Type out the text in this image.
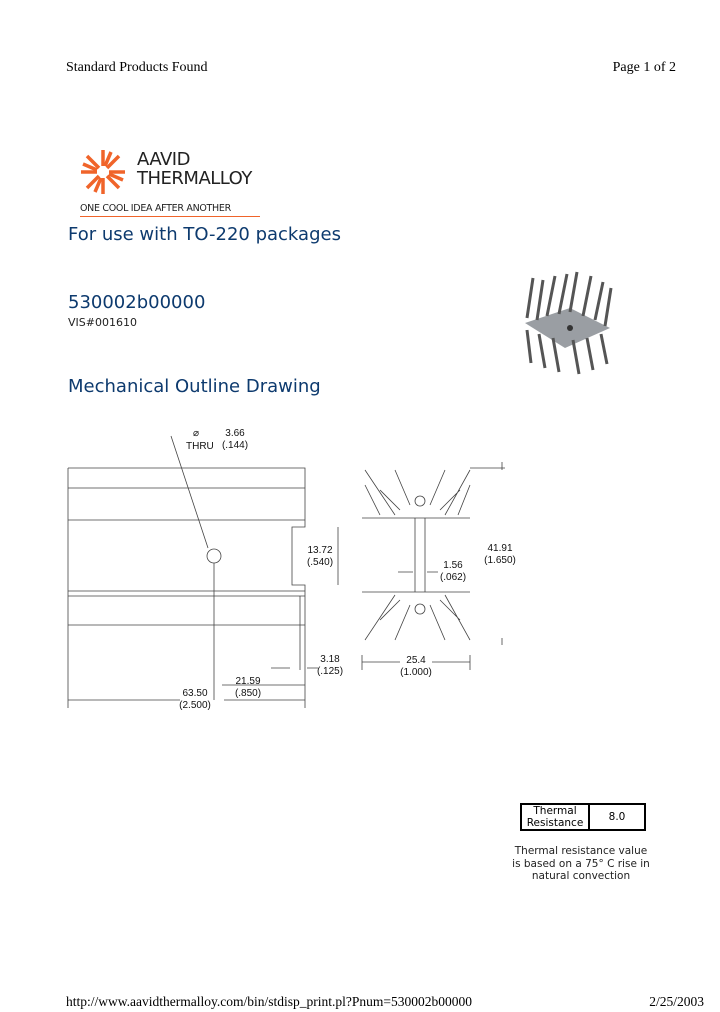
Standard Products Found	Page 1 of 2
AAVID
THERMALLOY
ONE COOL IDEA AFTER ANOTHER
For use with TO-220 packages
530002b00000
VIS#001610
Mechanical Outline Drawing
⌀
THRU
3.66
(.144)
13.72
(.540)
3.18
(.125)
21.59
(.850)
63.50
(2.500)
41.91
(1.650)
1.56
(.062)
25.4
(1.000)
Thermal
Resistance	8.0
Thermal resistance value is based on a 75° C rise in natural convection
http://www.aavidthermalloy.com/bin/stdisp_print.pl?Pnum=530002b00000	2/25/2003
